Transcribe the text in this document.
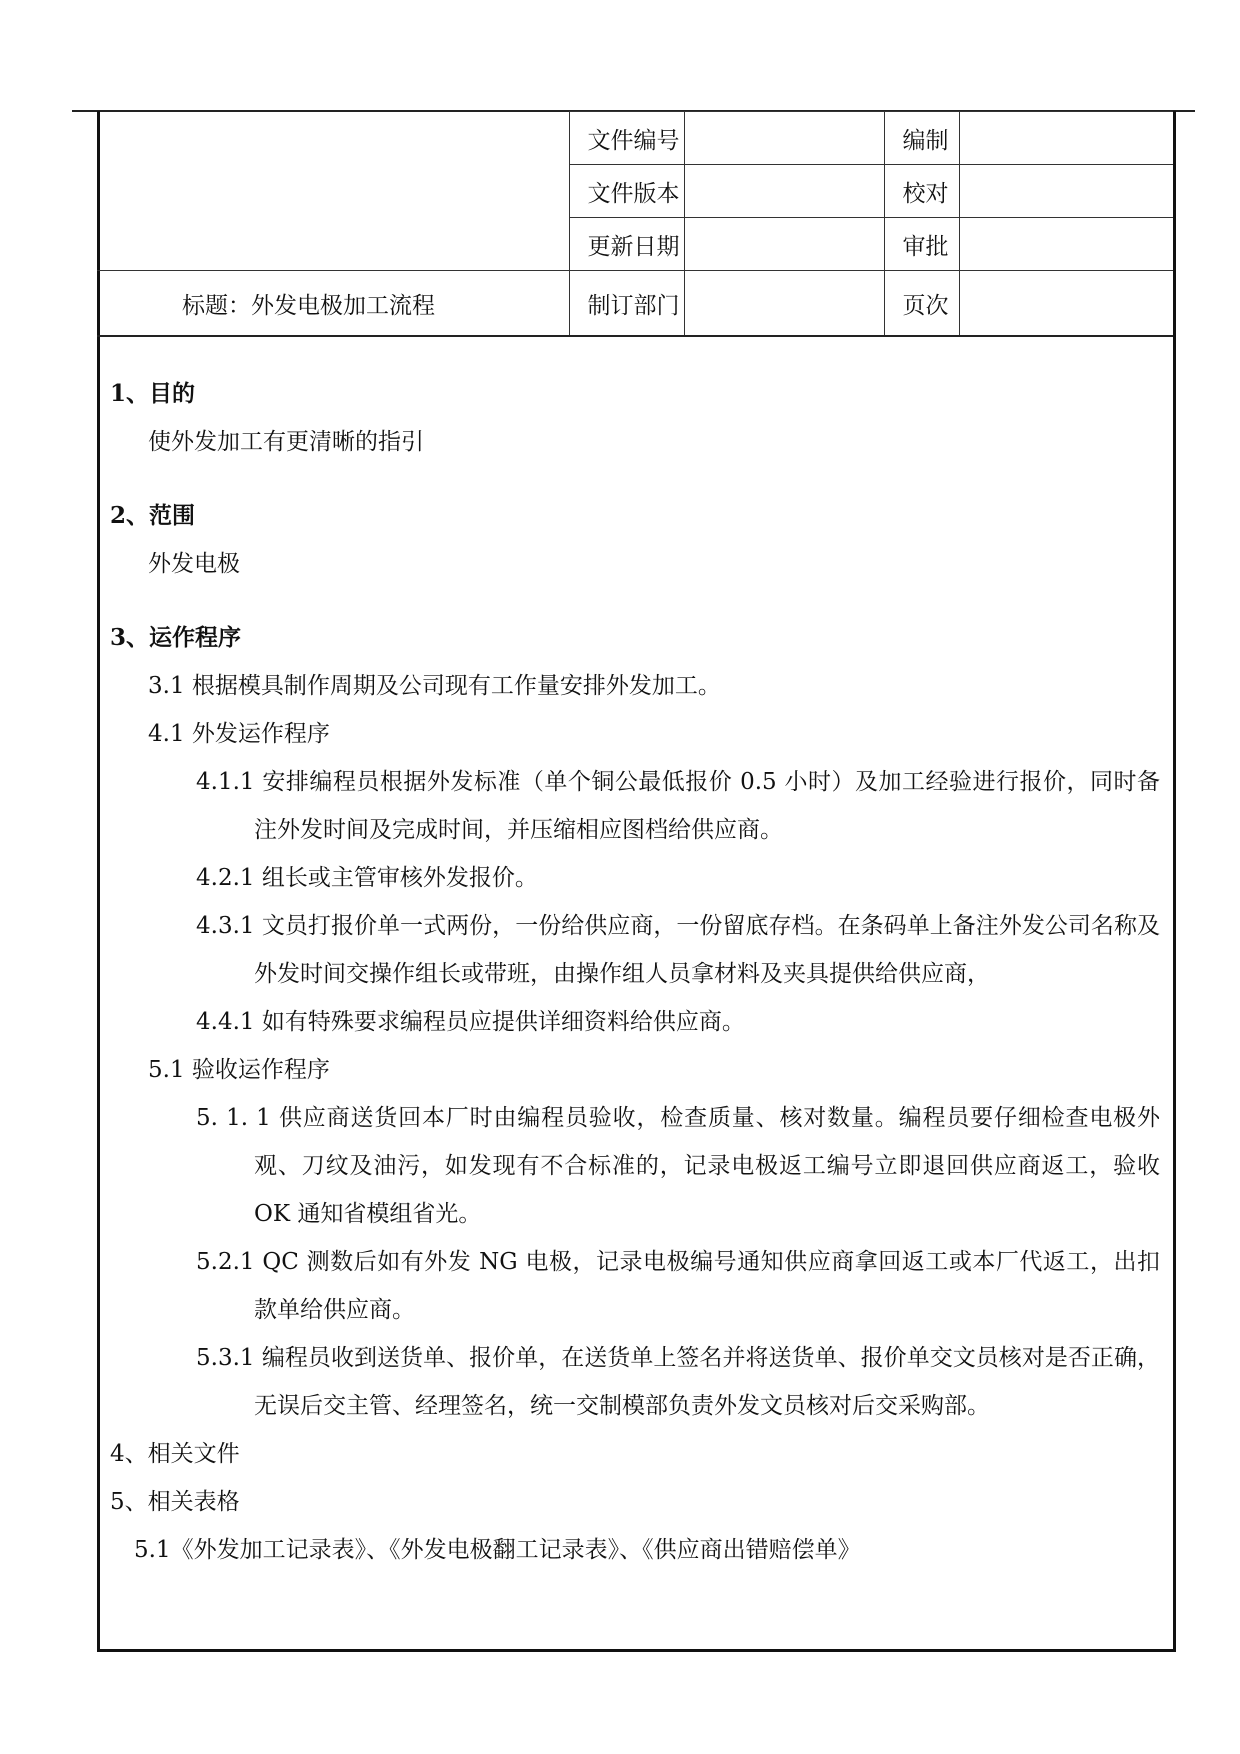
	文件编号		编制	
	文件版本		校对	
	更新日期		审批	
标题：外发电极加工流程	制订部门		页次	

1、目的

使外发加工有更清晰的指引

2、范围

外发电极

3、运作程序

3.1 根据模具制作周期及公司现有工作量安排外发加工。

4.1 外发运作程序

4.1.1 安排编程员根据外发标准（单个铜公最低报价 0.5 小时）及加工经验进行报价，同时备注外发时间及完成时间，并压缩相应图档给供应商。

4.2.1 组长或主管审核外发报价。

4.3.1 文员打报价单一式两份，一份给供应商，一份留底存档。在条码单上备注外发公司名称及外发时间交操作组长或带班，由操作组人员拿材料及夹具提供给供应商，

4.4.1 如有特殊要求编程员应提供详细资料给供应商。

5.1 验收运作程序

5. 1. 1 供应商送货回本厂时由编程员验收，检查质量、核对数量。编程员要仔细检查电极外观、刀纹及油污，如发现有不合标准的，记录电极返工编号立即退回供应商返工，验收 OK 通知省模组省光。

5.2.1 QC 测数后如有外发 NG 电极，记录电极编号通知供应商拿回返工或本厂代返工，出扣款单给供应商。

5.3.1 编程员收到送货单、报价单，在送货单上签名并将送货单、报价单交文员核对是否正确，无误后交主管、经理签名，统一交制模部负责外发文员核对后交采购部。

4、相关文件

5、相关表格

5.1《外发加工记录表》、《外发电极翻工记录表》、《供应商出错赔偿单》
